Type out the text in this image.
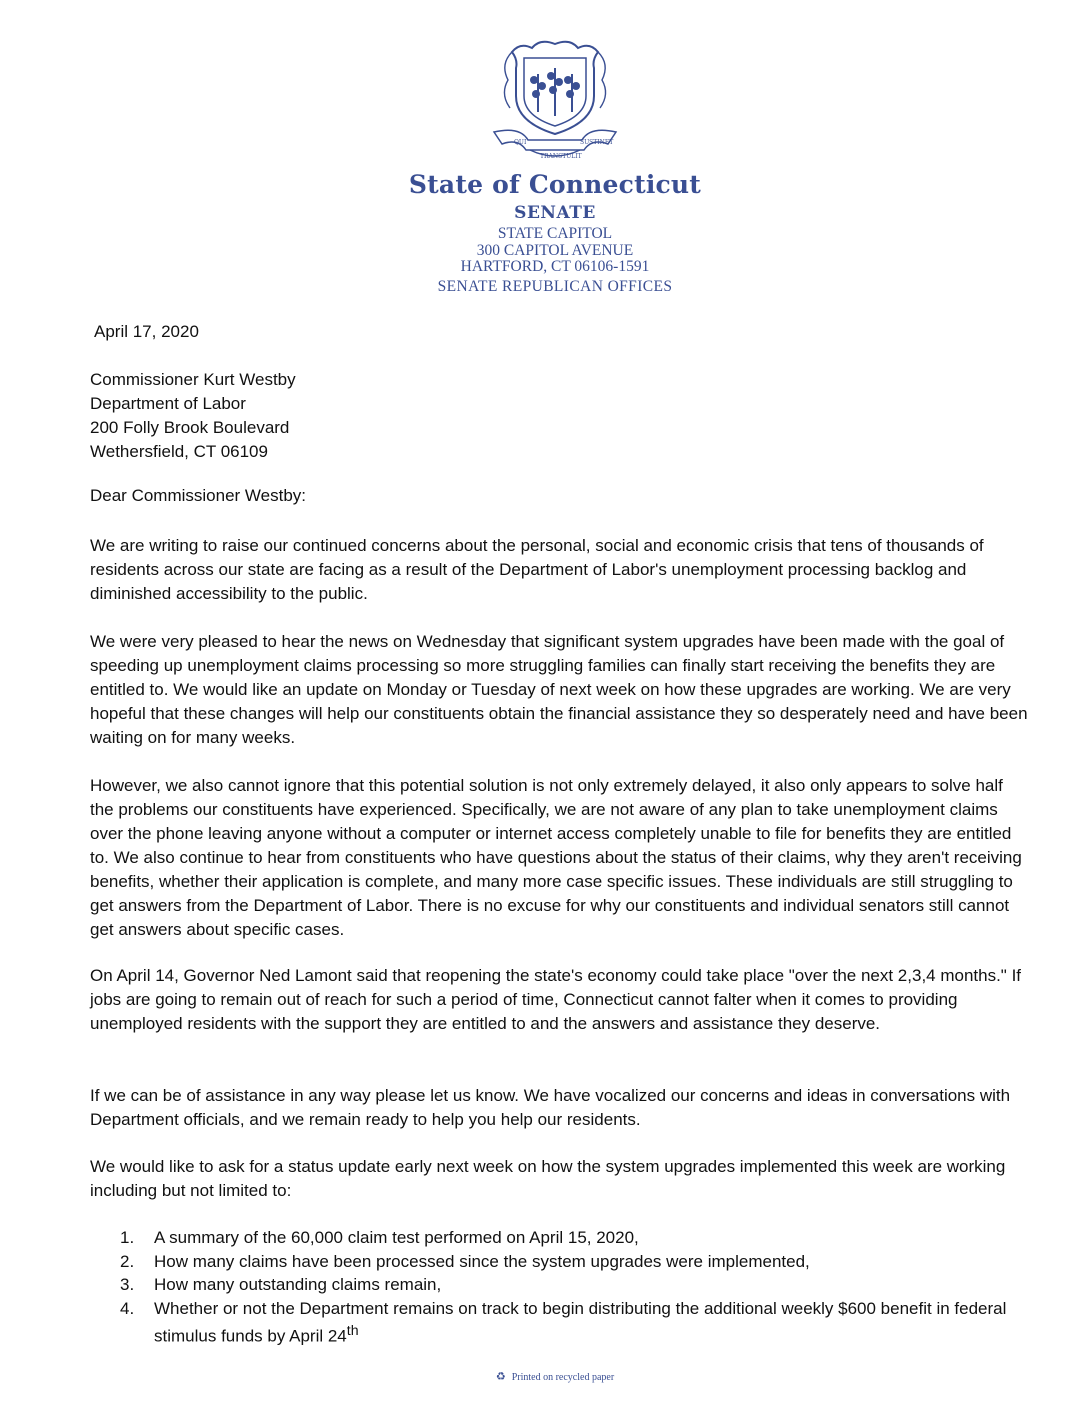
QUI
TRANSTULIT
SUSTINET
State of Connecticut
SENATE
STATE CAPITOL
300 CAPITOL AVENUE
HARTFORD, CT 06106-1591
SENATE REPUBLICAN OFFICES
April 17, 2020
Commissioner Kurt Westby
Department of Labor
200 Folly Brook Boulevard
Wethersfield, CT 06109
Dear Commissioner Westby:

We are writing to raise our continued concerns about the personal, social and economic crisis that tens of thousands of residents across our state are facing as a result of the Department of Labor's unemployment processing backlog and diminished accessibility to the public.

We were very pleased to hear the news on Wednesday that significant system upgrades have been made with the goal of speeding up unemployment claims processing so more struggling families can finally start receiving the benefits they are entitled to. We would like an update on Monday or Tuesday of next week on how these upgrades are working. We are very hopeful that these changes will help our constituents obtain the financial assistance they so desperately need and have been waiting on for many weeks.

However, we also cannot ignore that this potential solution is not only extremely delayed, it also only appears to solve half the problems our constituents have experienced. Specifically, we are not aware of any plan to take unemployment claims over the phone leaving anyone without a computer or internet access completely unable to file for benefits they are entitled to. We also continue to hear from constituents who have questions about the status of their claims, why they aren't receiving benefits, whether their application is complete, and many more case specific issues. These individuals are still struggling to get answers from the Department of Labor. There is no excuse for why our constituents and individual senators still cannot get answers about specific cases.

On April 14, Governor Ned Lamont said that reopening the state's economy could take place "over the next 2,3,4 months." If jobs are going to remain out of reach for such a period of time, Connecticut cannot falter when it comes to providing unemployed residents with the support they are entitled to and the answers and assistance they deserve.

If we can be of assistance in any way please let us know. We have vocalized our concerns and ideas in conversations with Department officials, and we remain ready to help you help our residents.

We would like to ask for a status update early next week on how the system upgrades implemented this week are working including but not limited to:

1. A summary of the 60,000 claim test performed on April 15, 2020,
2. How many claims have been processed since the system upgrades were implemented,
3. How many outstanding claims remain,
4. Whether or not the Department remains on track to begin distributing the additional weekly $600 benefit in federal stimulus funds by April 24th
♻ Printed on recycled paper
